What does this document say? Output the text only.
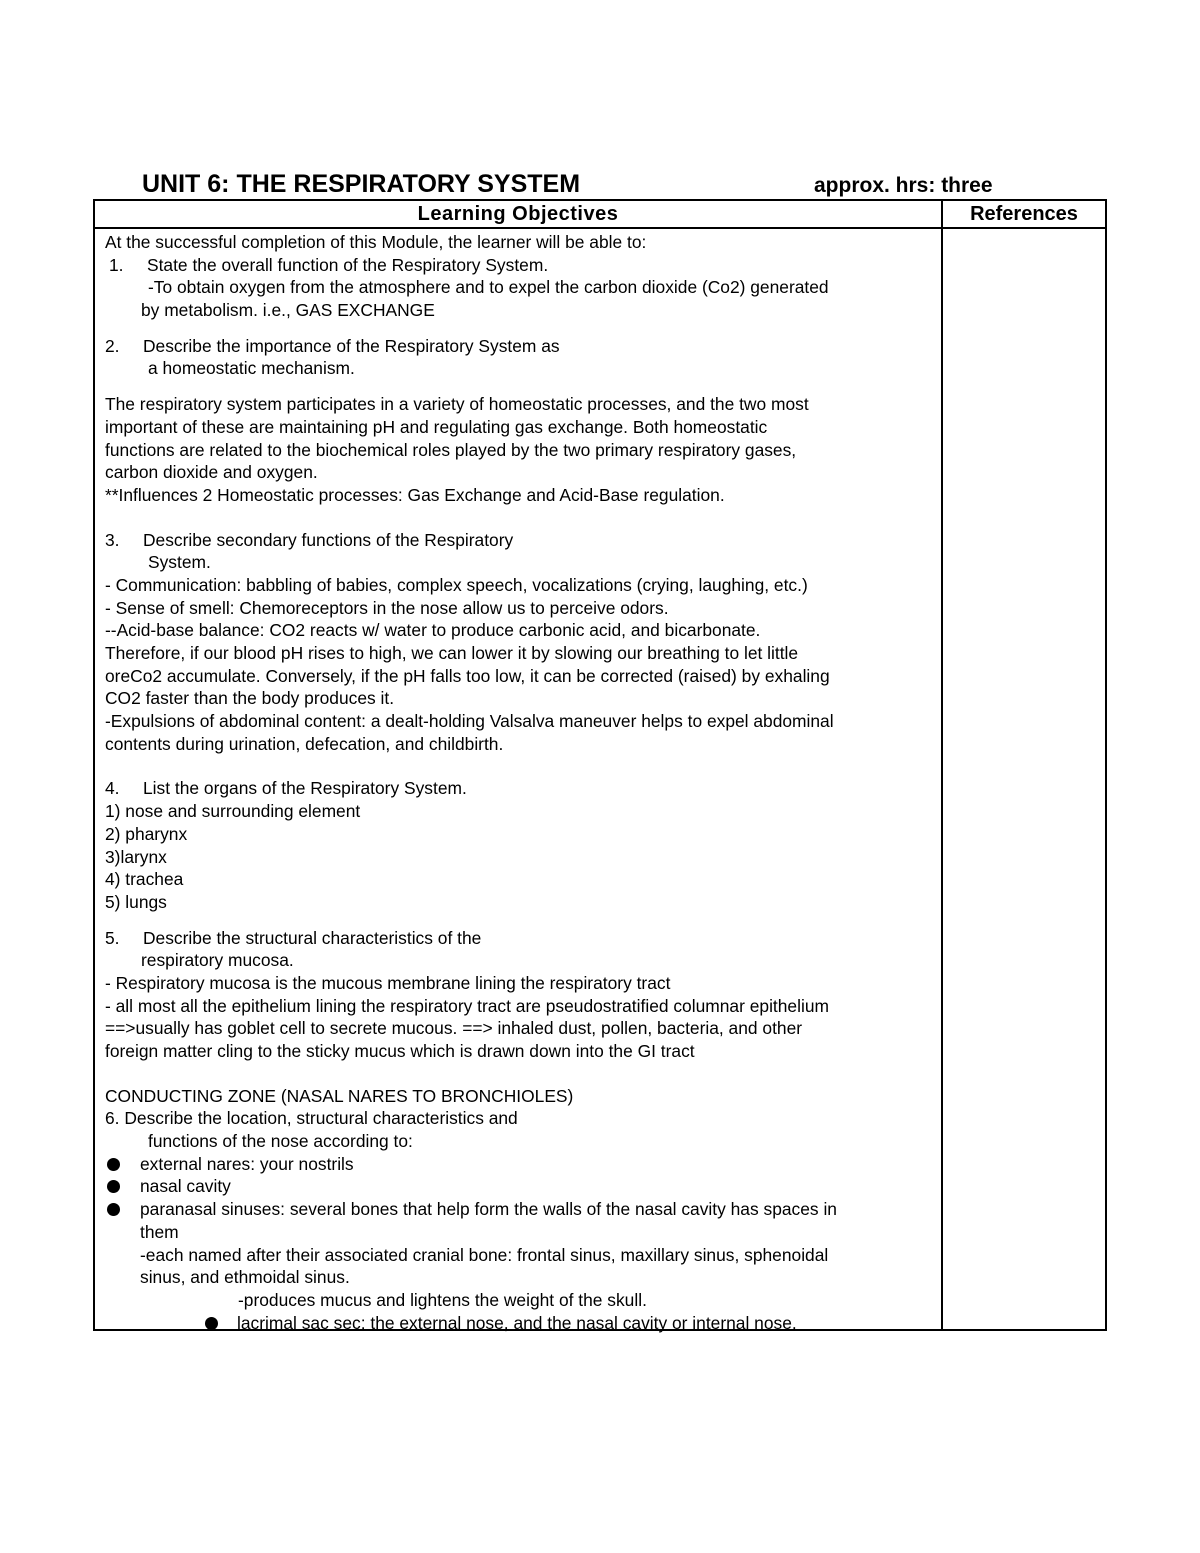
UNIT 6: THE RESPIRATORY SYSTEM	approx. hrs: three
Learning Objectives	References
At the successful completion of this Module, the learner will be able to:
1. State the overall function of the Respiratory System.
-To obtain oxygen from the atmosphere and to expel the carbon dioxide (Co2) generated
by metabolism. i.e., GAS EXCHANGE
2. Describe the importance of the Respiratory System as
a homeostatic mechanism.
The respiratory system participates in a variety of homeostatic processes, and the two most
important of these are maintaining pH and regulating gas exchange. Both homeostatic
functions are related to the biochemical roles played by the two primary respiratory gases,
carbon dioxide and oxygen.
**Influences 2 Homeostatic processes: Gas Exchange and Acid-Base regulation.
3. Describe secondary functions of the Respiratory
System.
- Communication: babbling of babies, complex speech, vocalizations (crying, laughing, etc.)
- Sense of smell: Chemoreceptors in the nose allow us to perceive odors.
--Acid-base balance: CO2 reacts w/ water to produce carbonic acid, and bicarbonate.
Therefore, if our blood pH rises to high, we can lower it by slowing our breathing to let little
oreCo2 accumulate. Conversely, if the pH falls too low, it can be corrected (raised) by exhaling
CO2 faster than the body produces it.
-Expulsions of abdominal content: a dealt-holding Valsalva maneuver helps to expel abdominal
contents during urination, defecation, and childbirth.
4. List the organs of the Respiratory System.
1) nose and surrounding element
2) pharynx
3)larynx
4) trachea
5) lungs
5. Describe the structural characteristics of the
respiratory mucosa.
- Respiratory mucosa is the mucous membrane lining the respiratory tract
- all most all the epithelium lining the respiratory tract are pseudostratified columnar epithelium
==>usually has goblet cell to secrete mucous. ==> inhaled dust, pollen, bacteria, and other
foreign matter cling to the sticky mucus which is drawn down into the GI tract
CONDUCTING ZONE (NASAL NARES TO BRONCHIOLES)
6. Describe the location, structural characteristics and
functions of the nose according to:
external nares: your nostrils
nasal cavity
paranasal sinuses: several bones that help form the walls of the nasal cavity has spaces in
them
-each named after their associated cranial bone: frontal sinus, maxillary sinus, sphenoidal
sinus, and ethmoidal sinus.
-produces mucus and lightens the weight of the skull.
lacrimal sac sec: the external nose, and the nasal cavity or internal nose.
